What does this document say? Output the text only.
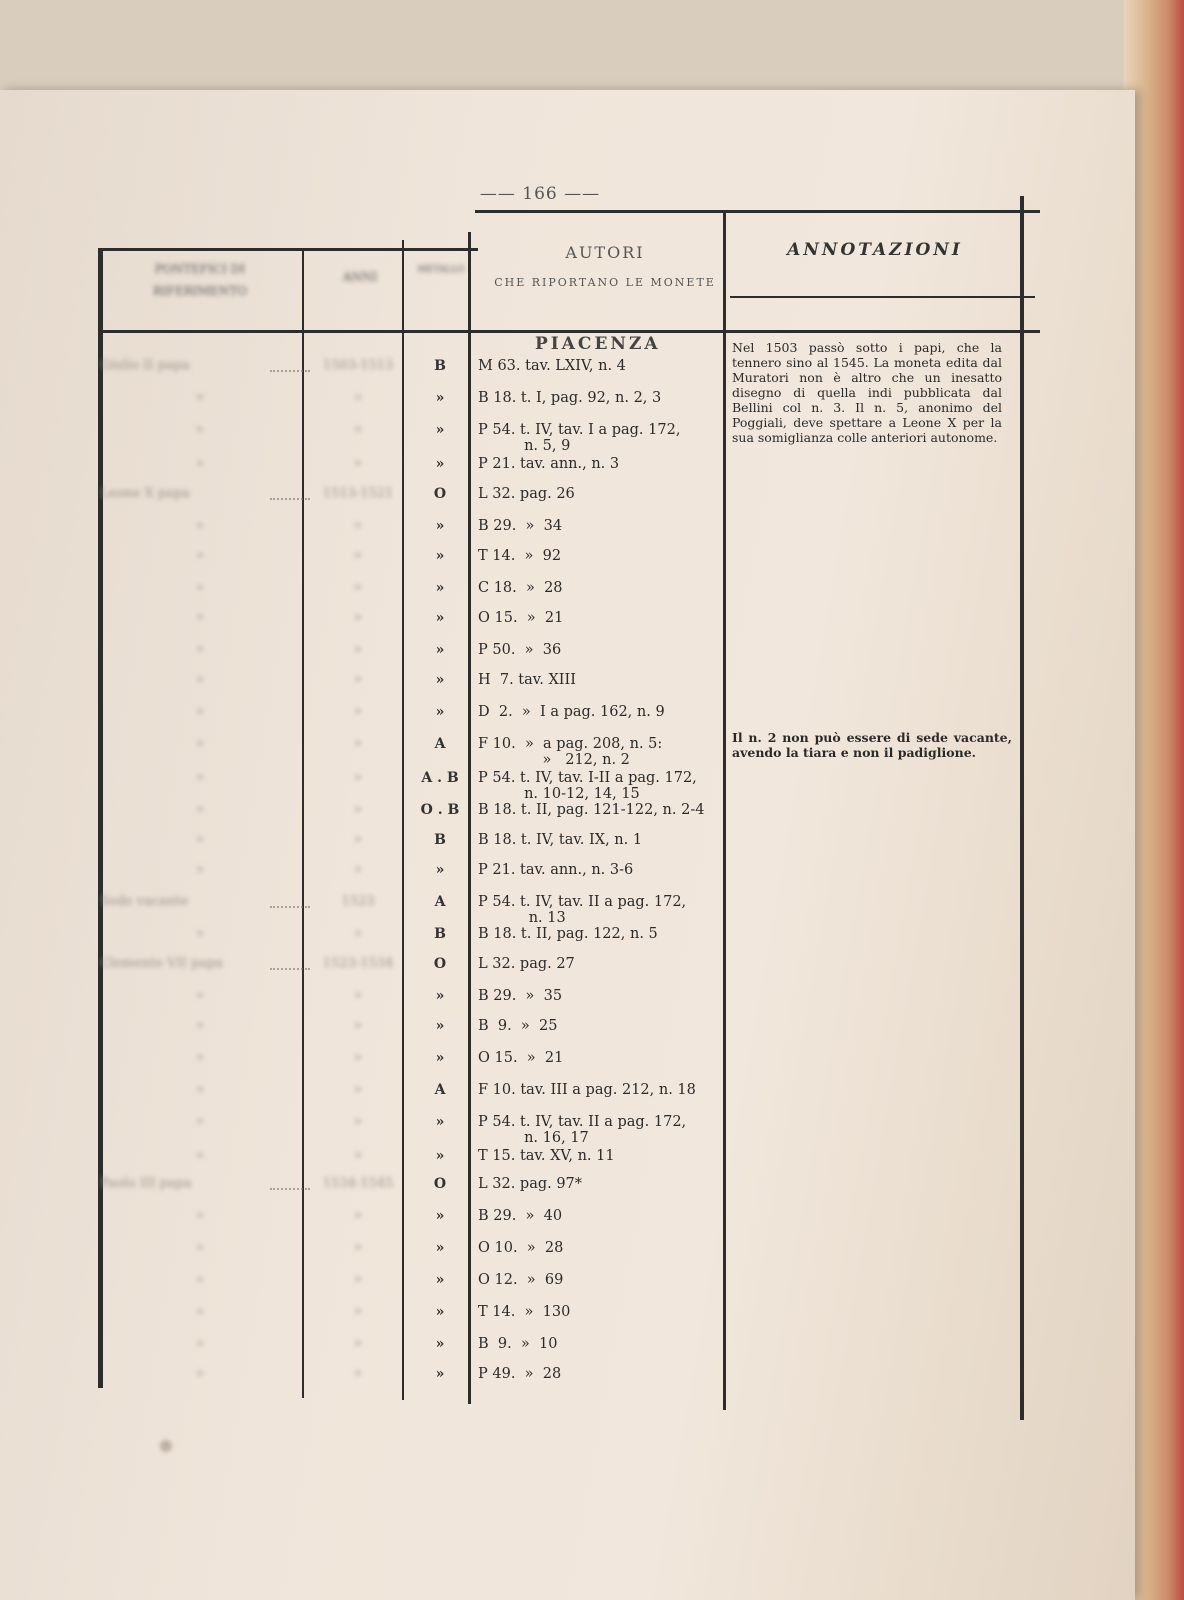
—— 166 ——
PONTEFICI DI RIFERIMENTO
ANNI	METALLO
AUTORI
CHE RIPORTANO LE MONETE
ANNOTAZIONI
PIACENZA
Giulio II papa	1503-1513	B	M 63. tav. LXIV, n. 4
»	»	»	B 18. t. I, pag. 92, n. 2, 3
»	»	»	P 54. t. IV, tav. I a pag. 172,
n. 5, 9
»	»	»	P 21. tav. ann., n. 3
Leone X papa	1513-1521	O	L 32. pag. 26
»	»	»	B 29.  »  34
»	»	»	T 14.  »  92
»	»	»	C 18.  »  28
»	»	»	O 15.  »  21
»	»	»	P 50.  »  36
»	»	»	H  7. tav. XIII
»	»	»	D  2.  »  I a pag. 162, n. 9
»	»	A	F 10.  »  a pag. 208, n. 5:
»   212, n. 2
»	»	A . B	P 54. t. IV, tav. I-II a pag. 172,
n. 10-12, 14, 15
»	»	O . B	B 18. t. II, pag. 121-122, n. 2-4
»	»	B	B 18. t. IV, tav. IX, n. 1
»	»	»	P 21. tav. ann., n. 3-6
Sede vacante	1523	A	P 54. t. IV, tav. II a pag. 172,
n. 13
»	»	B	B 18. t. II, pag. 122, n. 5
Clemente VII papa	1523-1534	O	L 32. pag. 27
»	»	»	B 29.  »  35
»	»	»	B  9.  »  25
»	»	»	O 15.  »  21
»	»	A	F 10. tav. III a pag. 212, n. 18
»	»	»	P 54. t. IV, tav. II a pag. 172,
n. 16, 17
»	»	»	T 15. tav. XV, n. 11
Paolo III papa	1534-1545	O	L 32. pag. 97*
»	»	»	B 29.  »  40
»	»	»	O 10.  »  28
»	»	»	O 12.  »  69
»	»	»	T 14.  »  130
»	»	»	B  9.  »  10
»	»	»	P 49.  »  28
Nel 1503 passò sotto i papi, che la tennero sino al 1545. La moneta edita dal Muratori non è altro che un inesatto disegno di quella indi pubblicata dal Bellini col n. 3. Il n. 5, anonimo del Poggiali, deve spettare a Leone X per la sua somiglianza colle anteriori autonome.
Il n. 2 non può essere di sede vacante, avendo la tiara e non il padiglione.
